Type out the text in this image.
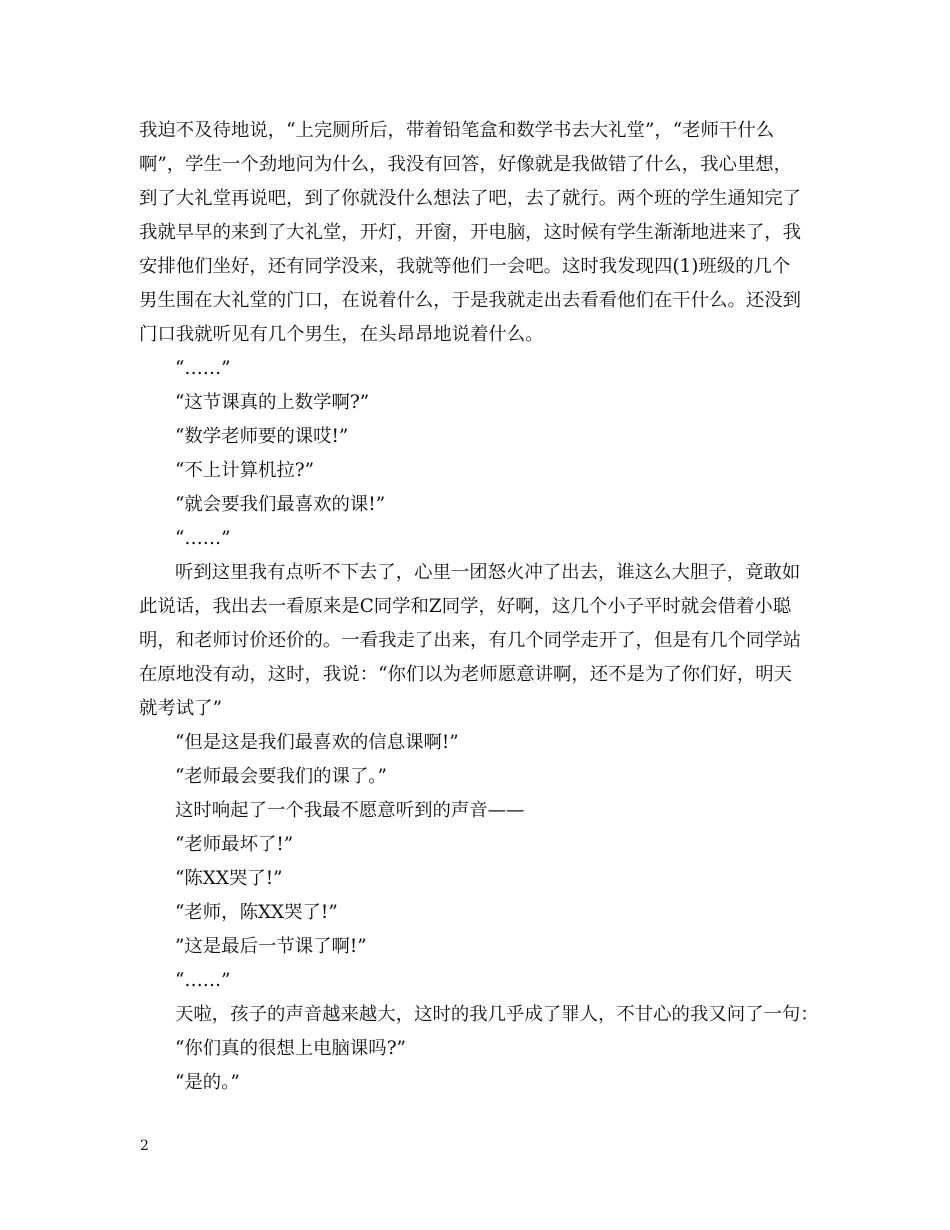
我迫不及待地说，“上完厕所后，带着铅笔盒和数学书去大礼堂”，“老师干什么

啊”，学生一个劲地问为什么，我没有回答，好像就是我做错了什么，我心里想，

到了大礼堂再说吧，到了你就没什么想法了吧，去了就行。两个班的学生通知完了

我就早早的来到了大礼堂，开灯，开窗，开电脑，这时候有学生渐渐地进来了，我

安排他们坐好，还有同学没来，我就等他们一会吧。这时我发现四(1)班级的几个

男生围在大礼堂的门口，在说着什么，于是我就走出去看看他们在干什么。还没到

门口我就听见有几个男生，在头昂昂地说着什么。

“……”

“这节课真的上数学啊?”

“数学老师要的课哎!”

“不上计算机拉?”

“就会要我们最喜欢的课!”

“……”

听到这里我有点听不下去了，心里一团怒火冲了出去，谁这么大胆子，竟敢如

此说话，我出去一看原来是C同学和Z同学，好啊，这几个小子平时就会借着小聪

明，和老师讨价还价的。一看我走了出来，有几个同学走开了，但是有几个同学站

在原地没有动，这时，我说：“你们以为老师愿意讲啊，还不是为了你们好，明天

就考试了”

“但是这是我们最喜欢的信息课啊!”

“老师最会要我们的课了。”

这时响起了一个我最不愿意听到的声音——

“老师最坏了!”

“陈XX哭了!”

“老师，陈XX哭了!”

”这是最后一节课了啊!”

“……”

天啦，孩子的声音越来越大，这时的我几乎成了罪人，不甘心的我又问了一句：

“你们真的很想上电脑课吗?”

“是的。”

2
